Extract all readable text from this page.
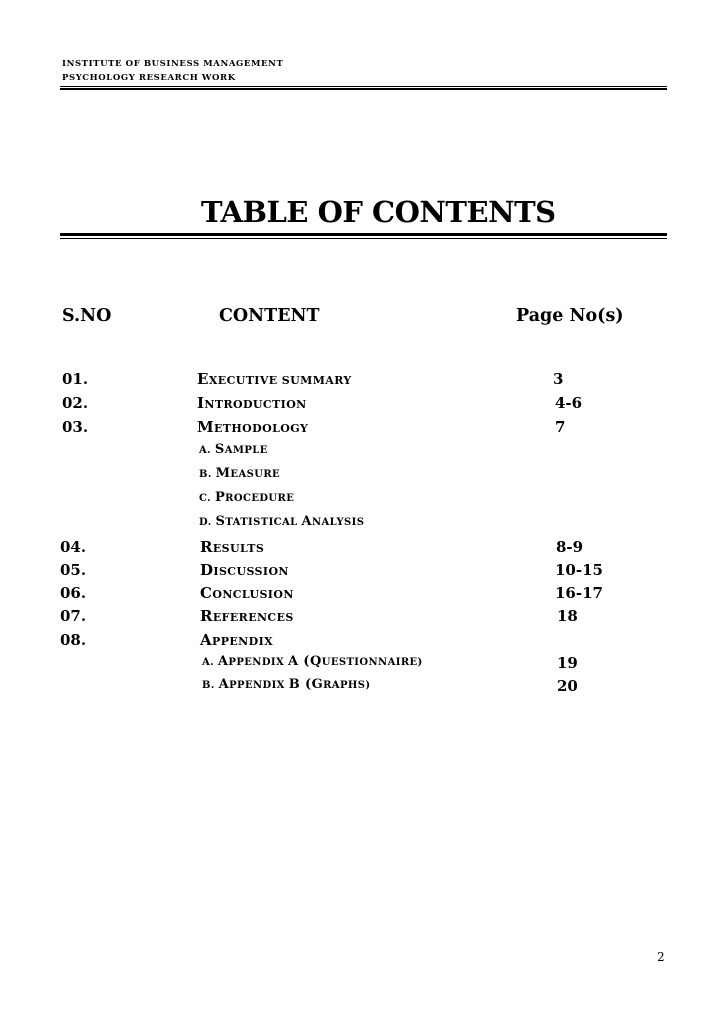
INSTITUTE OF BUSINESS MANAGEMENT
PSYCHOLOGY RESEARCH WORK
TABLE OF CONTENTS
S.NO	CONTENT	Page No(s)
01.	EXECUTIVE SUMMARY	3
02.	INTRODUCTION	4-6
03.	METHODOLOGY	7
A. SAMPLE
B. MEASURE
C. PROCEDURE
D. STATISTICAL ANALYSIS
04.	RESULTS	8-9
05.	DISCUSSION	10-15
06.	CONCLUSION	16-17
07.	REFERENCES	18
08.	APPENDIX
A. APPENDIX A (QUESTIONNAIRE)	19
B. APPENDIX B (GRAPHS)	20
2
